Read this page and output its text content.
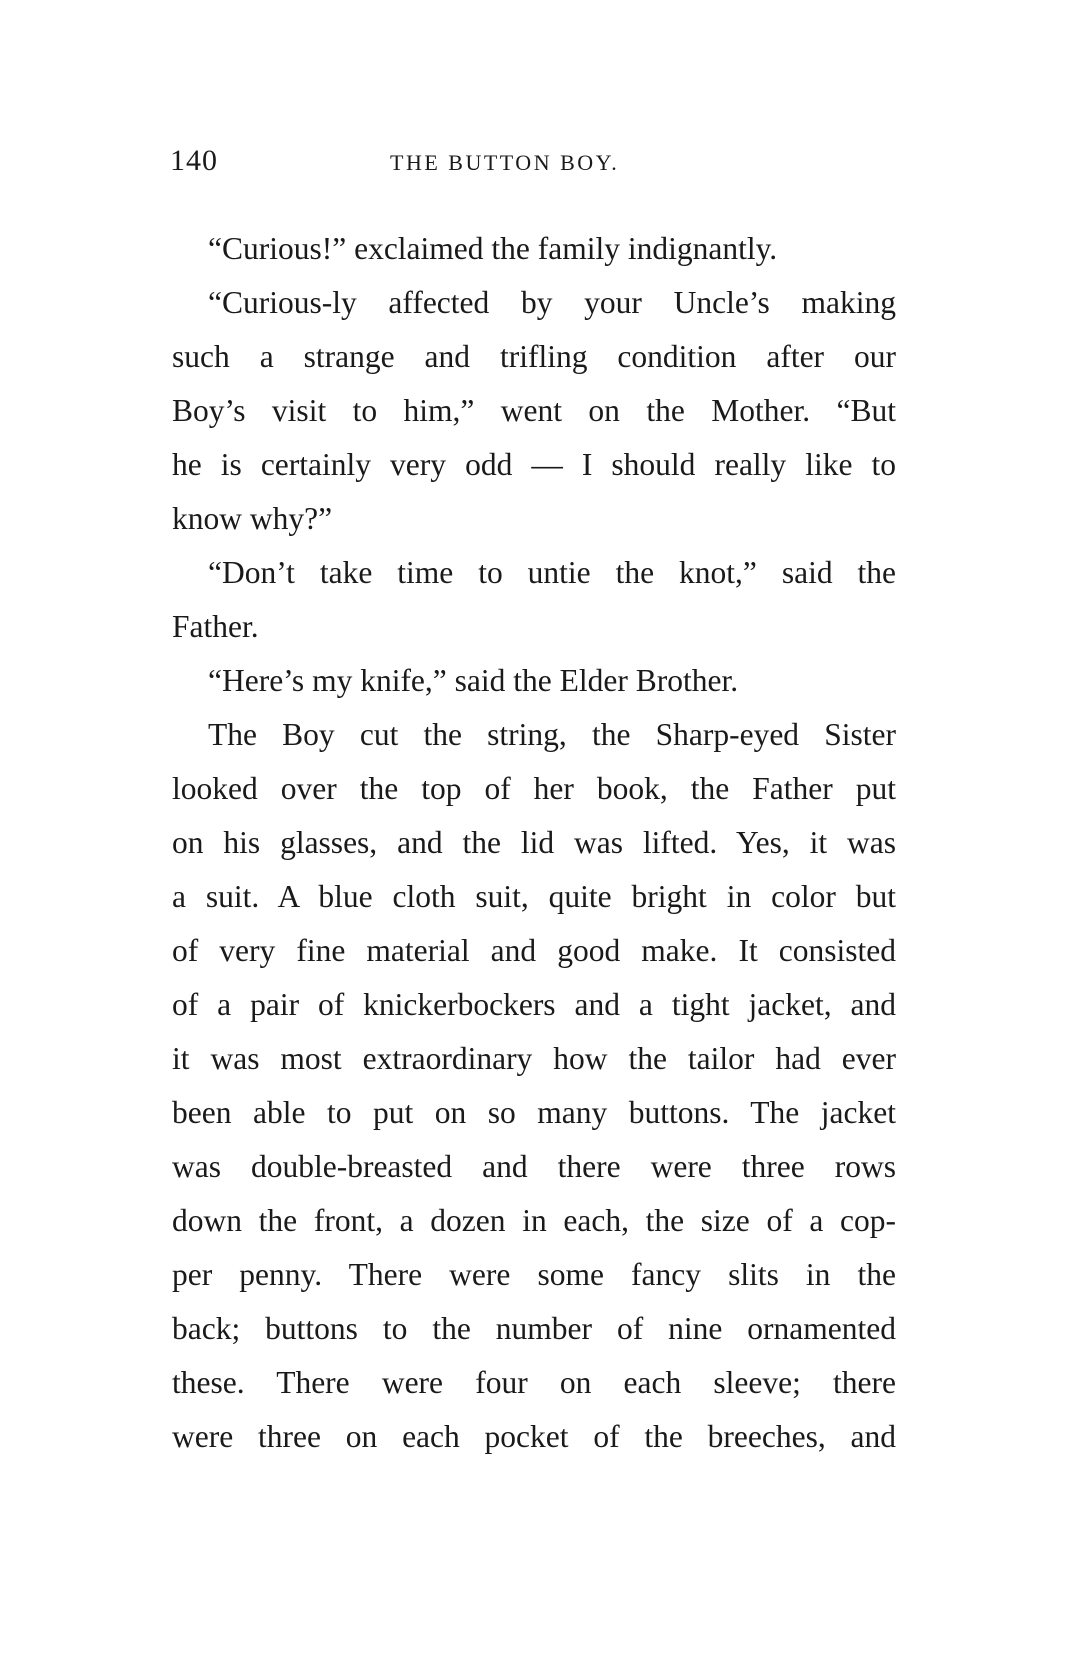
140	THE BUTTON BOY.
“Curious!” exclaimed the family indignantly.
“Curious-ly affected by your Uncle’s making
such a strange and trifling condition after our
Boy’s visit to him,” went on the Mother. “But
he is certainly very odd — I should really like to
know why?”
“Don’t take time to untie the knot,” said the
Father.
“Here’s my knife,” said the Elder Brother.
The Boy cut the string, the Sharp-eyed Sister
looked over the top of her book, the Father put
on his glasses, and the lid was lifted. Yes, it was
a suit. A blue cloth suit, quite bright in color but
of very fine material and good make. It consisted
of a pair of knickerbockers and a tight jacket, and
it was most extraordinary how the tailor had ever
been able to put on so many buttons. The jacket
was double-breasted and there were three rows
down the front, a dozen in each, the size of a cop-
per penny. There were some fancy slits in the
back; buttons to the number of nine ornamented
these. There were four on each sleeve; there
were three on each pocket of the breeches, and
